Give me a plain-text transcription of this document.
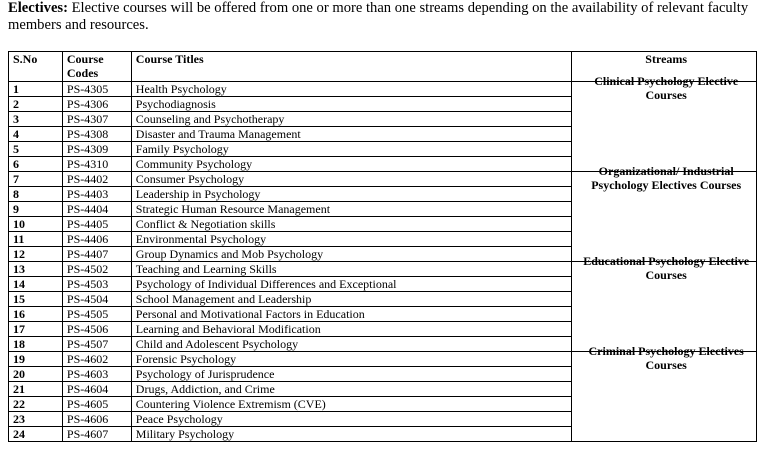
Electives: Elective courses will be offered from one or more than one streams depending on the availability of relevant faculty members and resources.
S.No	Course Codes	Course Titles	Streams
1	PS-4305	Health Psychology	Clinical Psychology Elective Courses

2	PS-4306	Psychodiagnosis	
3	PS-4307	Counseling and Psychotherapy	
4	PS-4308	Disaster and Trauma Management	
5	PS-4309	Family Psychology	
6	PS-4310	Community Psychology	
7	PS-4402	Consumer Psychology	Organizational/ Industrial Psychology Electives Courses

8	PS-4403	Leadership in Psychology	
9	PS-4404	Strategic Human Resource Management	
10	PS-4405	Conflict & Negotiation skills	
11	PS-4406	Environmental Psychology	
12	PS-4407	Group Dynamics and Mob Psychology	
13	PS-4502	Teaching and Learning Skills	Educational Psychology Elective Courses

14	PS-4503	Psychology of Individual Differences and Exceptional	
15	PS-4504	School Management and Leadership	
16	PS-4505	Personal and Motivational Factors in Education	
17	PS-4506	Learning and Behavioral Modification	
18	PS-4507	Child and Adolescent Psychology	
19	PS-4602	Forensic Psychology	Criminal Psychology Electives Courses

20	PS-4603	Psychology of Jurisprudence	
21	PS-4604	Drugs, Addiction, and Crime	
22	PS-4605	Countering Violence Extremism (CVE)	
23	PS-4606	Peace Psychology	
24	PS-4607	Military Psychology	
